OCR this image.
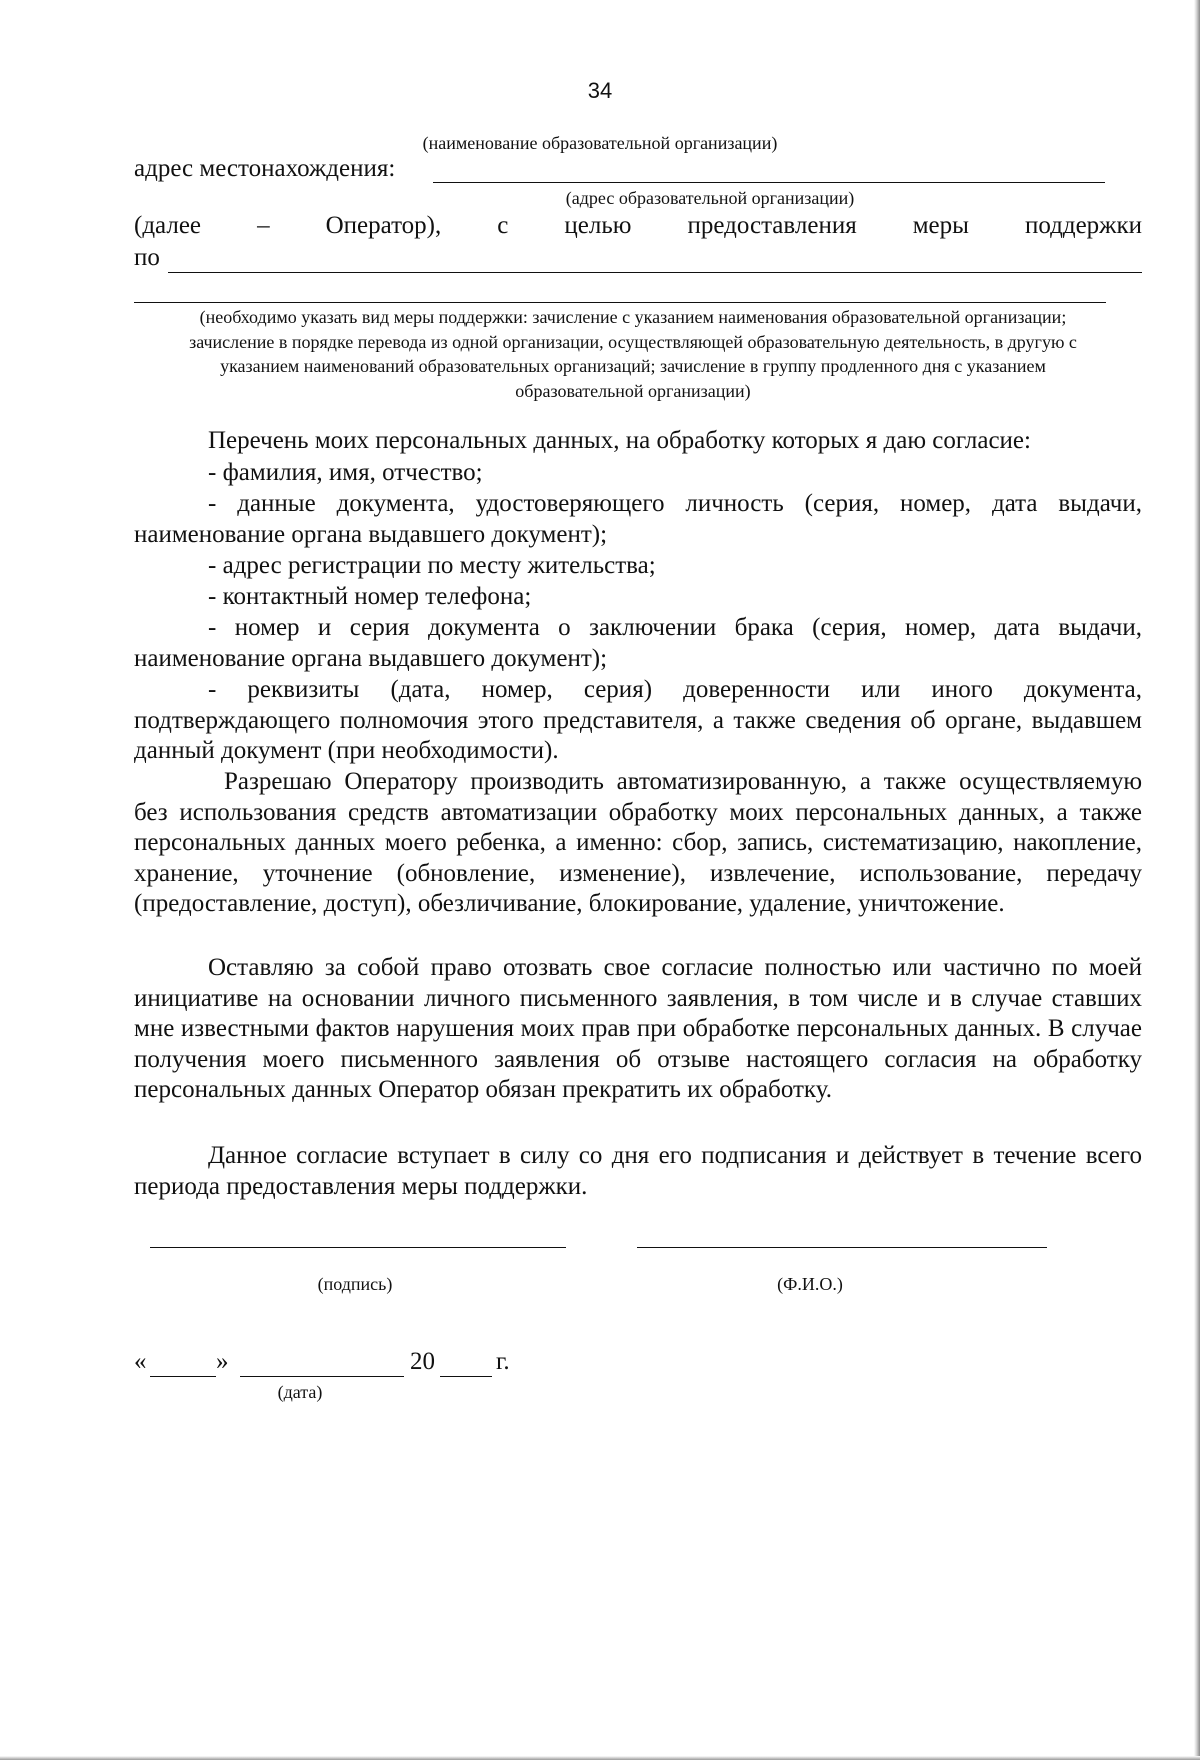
34
(наименование образовательной организации)
адрес местонахождения:
(адрес образовательной организации)
(далее – Оператор), с целью предоставления меры поддержки
по
(необходимо указать вид меры поддержки: зачисление с указанием наименования образовательной организации; зачисление в порядке перевода из одной организации, осуществляющей образовательную деятельность, в другую с указанием наименований образовательных организаций; зачисление в группу продленного дня с указанием образовательной организации)
Перечень моих персональных данных, на обработку которых я даю согласие:
- фамилия, имя, отчество;
- данные документа, удостоверяющего личность (серия, номер, дата выдачи, наименование органа выдавшего документ);
- адрес регистрации по месту жительства;
- контактный номер телефона;
- номер и серия документа о заключении брака (серия, номер, дата выдачи, наименование органа выдавшего документ);
- реквизиты (дата, номер, серия) доверенности или иного документа, подтверждающего полномочия этого представителя, а также сведения об органе, выдавшем данный документ (при необходимости).
Разрешаю Оператору производить автоматизированную, а также осуществляемую без использования средств автоматизации обработку моих персональных данных, а также персональных данных моего ребенка, а именно: сбор, запись, систематизацию, накопление, хранение, уточнение (обновление, изменение), извлечение, использование, передачу (предоставление, доступ), обезличивание, блокирование, удаление, уничтожение.
Оставляю за собой право отозвать свое согласие полностью или частично по моей инициативе на основании личного письменного заявления, в том числе и в случае ставших мне известными фактов нарушения моих прав при обработке персональных данных. В случае получения моего письменного заявления об отзыве настоящего согласия на обработку персональных данных Оператор обязан прекратить их обработку.
Данное согласие вступает в силу со дня его подписания и действует в течение всего периода предоставления меры поддержки.
(подпись)	(Ф.И.О.)
«	»	20 г.
(дата)
